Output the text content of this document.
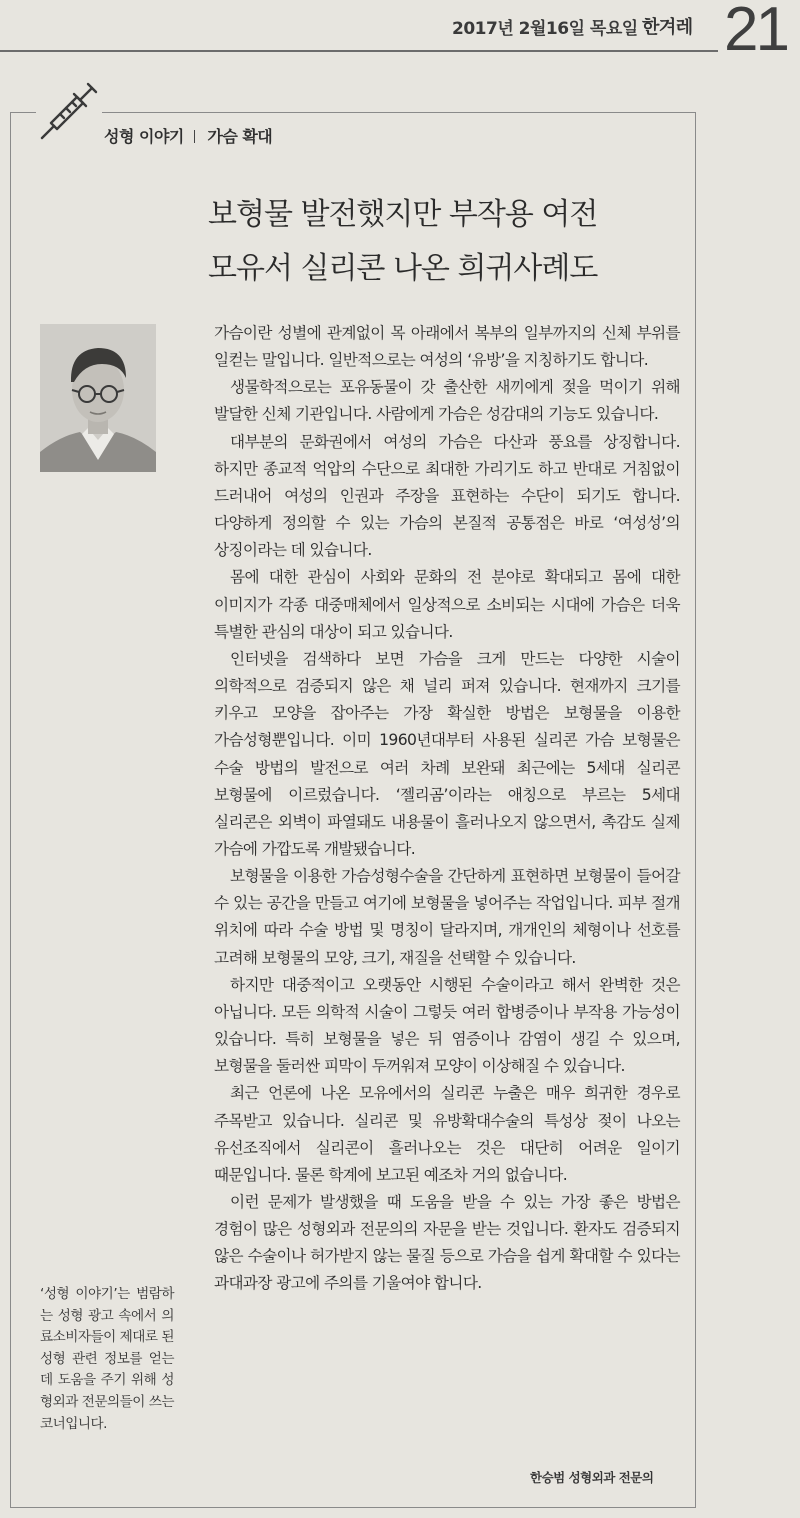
2017년 2월16일 목요일 한겨레 21
성형 이야기 가슴 확대
보형물 발전했지만 부작용 여전
모유서 실리콘 나온 희귀사례도

가슴이란 성별에 관계없이 목 아래에서 복부의 일부까지의 신체 부위를 일컫는 말입니다. 일반적으로는 여성의 ‘유방’을 지칭하기도 합니다.

생물학적으로는 포유동물이 갓 출산한 새끼에게 젖을 먹이기 위해 발달한 신체 기관입니다. 사람에게 가슴은 성감대의 기능도 있습니다.

대부분의 문화권에서 여성의 가슴은 다산과 풍요를 상징합니다. 하지만 종교적 억압의 수단으로 최대한 가리기도 하고 반대로 거침없이 드러내어 여성의 인권과 주장을 표현하는 수단이 되기도 합니다. 다양하게 정의할 수 있는 가슴의 본질적 공통점은 바로 ‘여성성’의 상징이라는 데 있습니다.

몸에 대한 관심이 사회와 문화의 전 분야로 확대되고 몸에 대한 이미지가 각종 대중매체에서 일상적으로 소비되는 시대에 가슴은 더욱 특별한 관심의 대상이 되고 있습니다.

인터넷을 검색하다 보면 가슴을 크게 만드는 다양한 시술이 의학적으로 검증되지 않은 채 널리 퍼져 있습니다. 현재까지 크기를 키우고 모양을 잡아주는 가장 확실한 방법은 보형물을 이용한 가슴성형뿐입니다. 이미 1960년대부터 사용된 실리콘 가슴 보형물은 수술 방법의 발전으로 여러 차례 보완돼 최근에는 5세대 실리콘 보형물에 이르렀습니다. ‘젤리곰’이라는 애칭으로 부르는 5세대 실리콘은 외벽이 파열돼도 내용물이 흘러나오지 않으면서, 촉감도 실제 가슴에 가깝도록 개발됐습니다.

보형물을 이용한 가슴성형수술을 간단하게 표현하면 보형물이 들어갈 수 있는 공간을 만들고 여기에 보형물을 넣어주는 작업입니다. 피부 절개 위치에 따라 수술 방법 및 명칭이 달라지며, 개개인의 체형이나 선호를 고려해 보형물의 모양, 크기, 재질을 선택할 수 있습니다.

하지만 대중적이고 오랫동안 시행된 수술이라고 해서 완벽한 것은 아닙니다. 모든 의학적 시술이 그렇듯 여러 합병증이나 부작용 가능성이 있습니다. 특히 보형물을 넣은 뒤 염증이나 감염이 생길 수 있으며, 보형물을 둘러싼 피막이 두꺼워져 모양이 이상해질 수 있습니다.

최근 언론에 나온 모유에서의 실리콘 누출은 매우 희귀한 경우로 주목받고 있습니다. 실리콘 및 유방확대수술의 특성상 젖이 나오는 유선조직에서 실리콘이 흘러나오는 것은 대단히 어려운 일이기 때문입니다. 물론 학계에 보고된 예조차 거의 없습니다.

이런 문제가 발생했을 때 도움을 받을 수 있는 가장 좋은 방법은 경험이 많은 성형외과 전문의의 자문을 받는 것입니다. 환자도 검증되지 않은 수술이나 허가받지 않는 물질 등으로 가슴을 쉽게 확대할 수 있다는 과대과장 광고에 주의를 기울여야 합니다.

한승범 성형외과 전문의
‘성형 이야기’는 범람하는 성형 광고 속에서 의료소비자들이 제대로 된 성형 관련 정보를 얻는 데 도움을 주기 위해 성형외과 전문의들이 쓰는 코너입니다.
